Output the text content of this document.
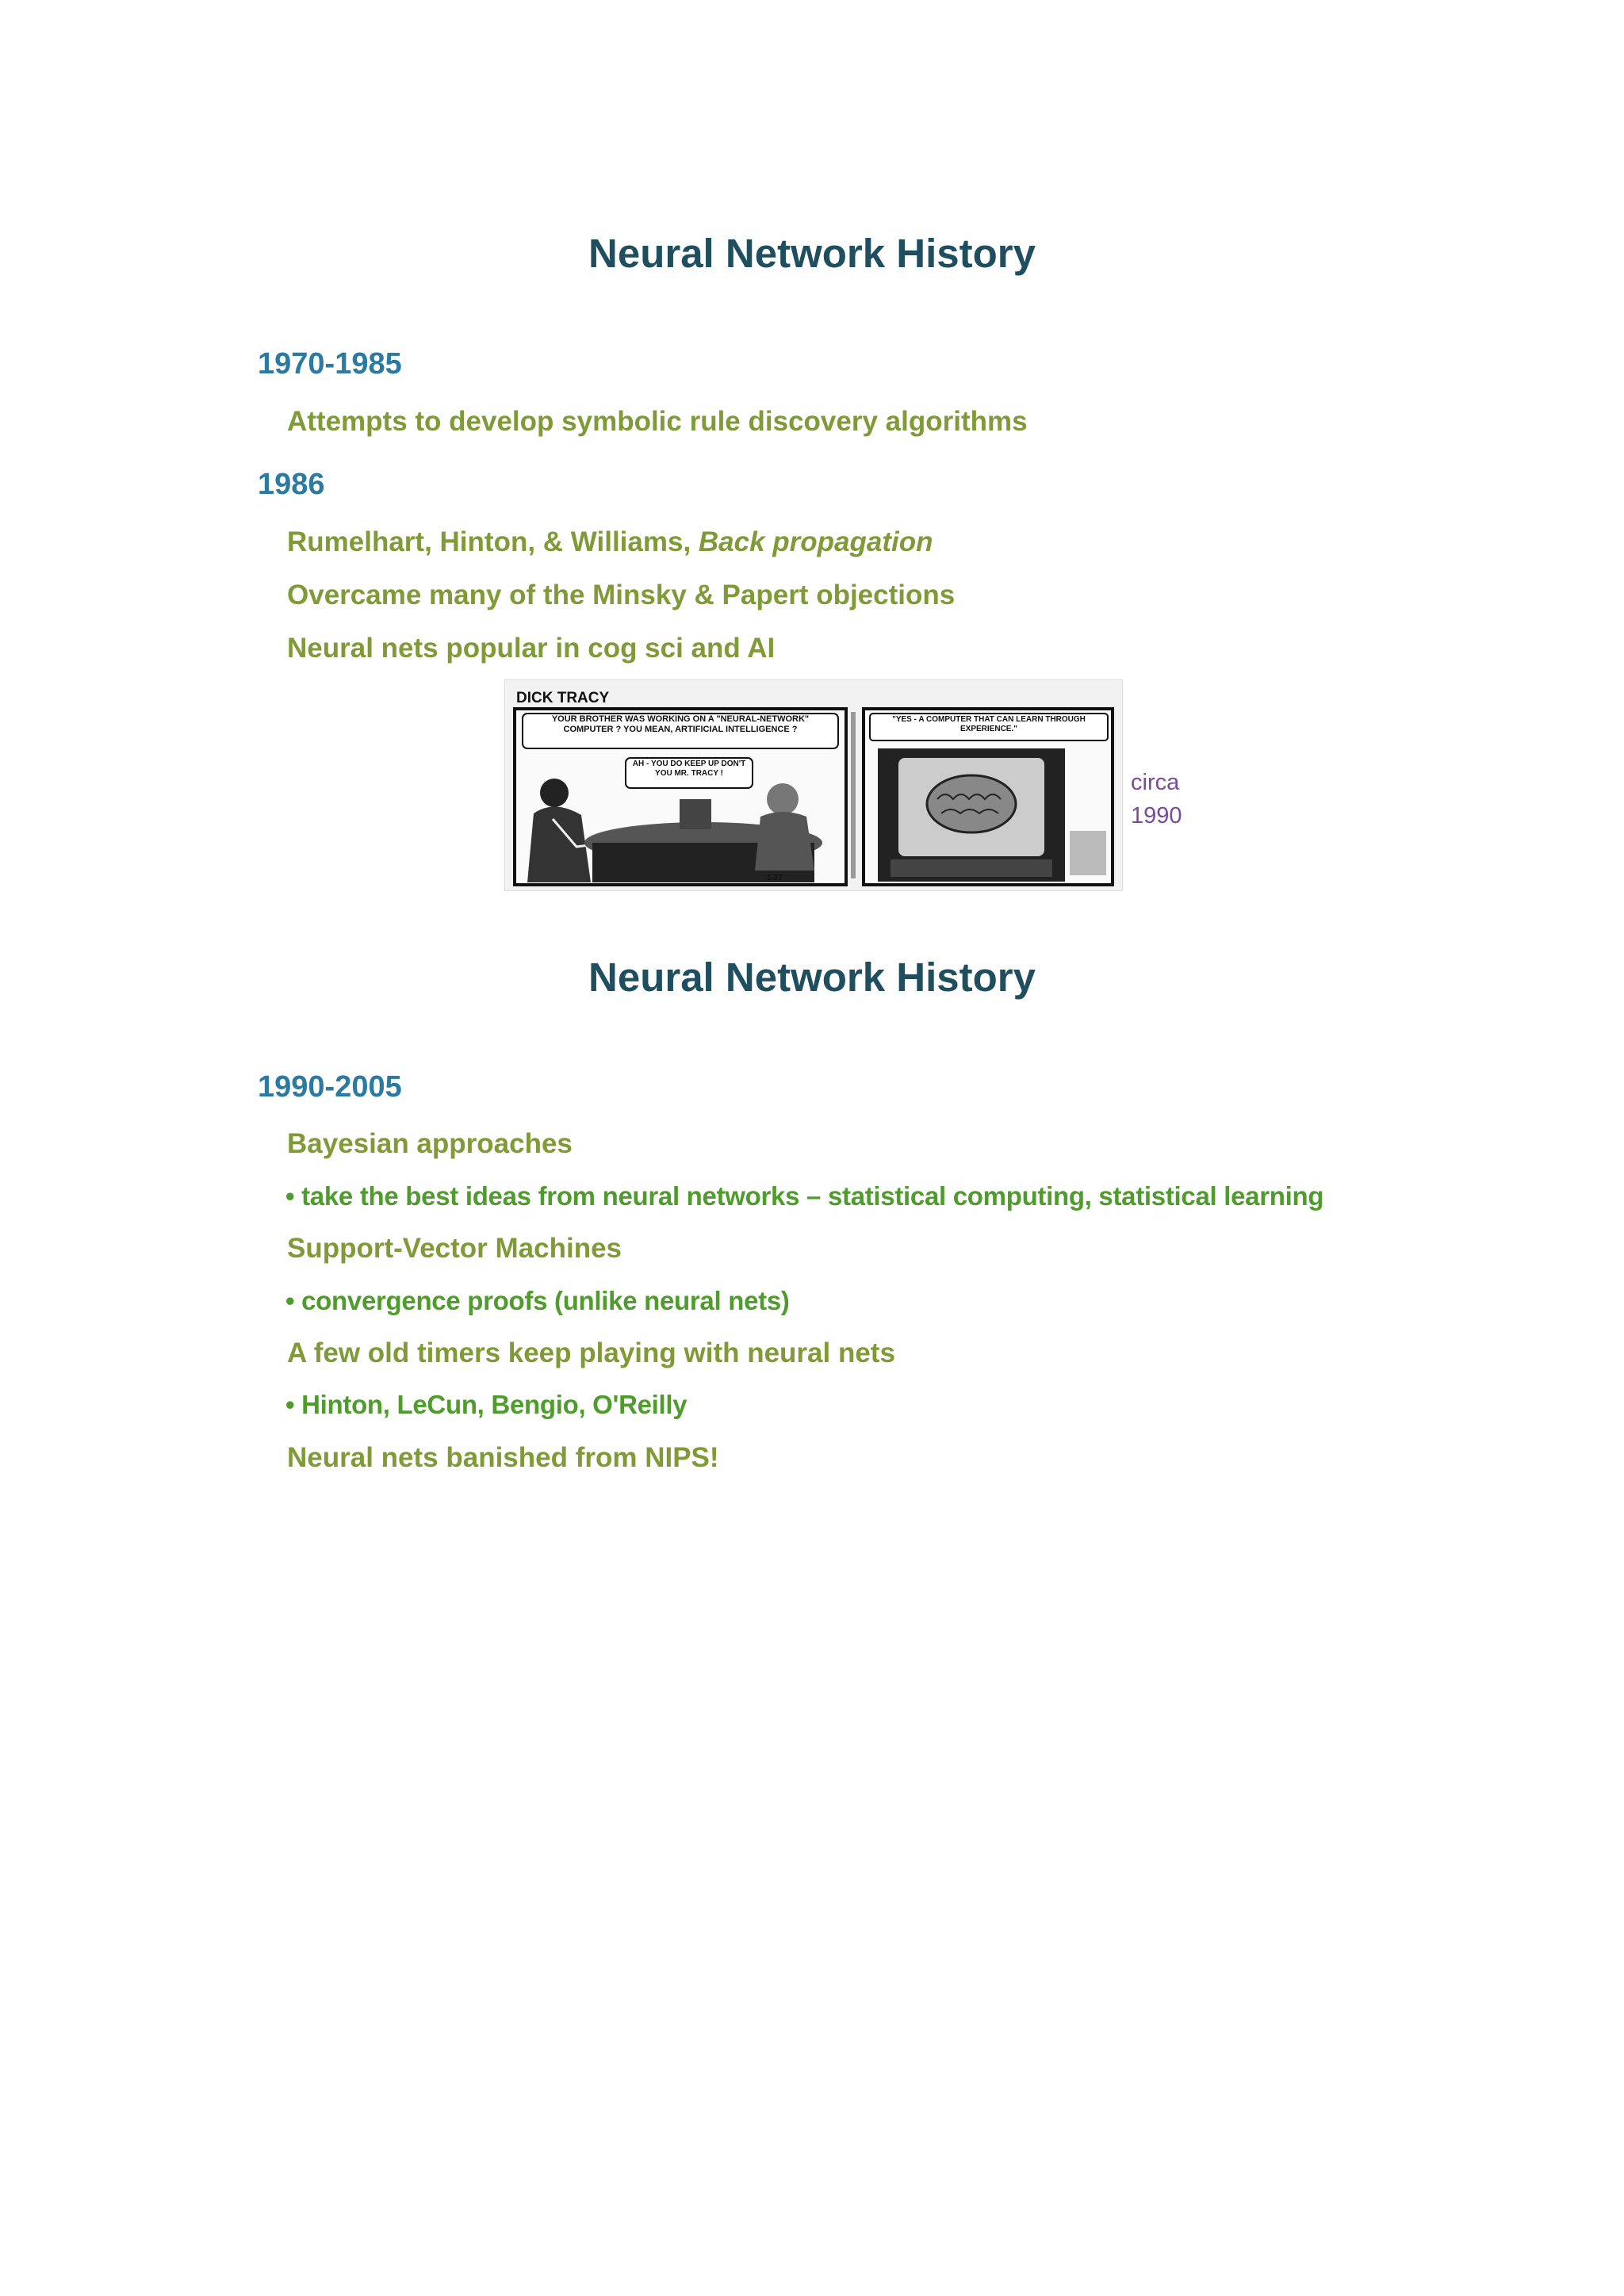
Neural Network History

1970-1985

Attempts to develop symbolic rule discovery algorithms

1986

Rumelhart, Hinton, & Williams, Back propagation

Overcame many of the Minsky & Papert objections

Neural nets popular in cog sci and AI

DICK TRACY
YOUR BROTHER WAS WORKING ON A "NEURAL-NETWORK" COMPUTER ? YOU MEAN, ARTIFICIAL INTELLIGENCE ?
AH - YOU DO KEEP UP DON'T YOU MR. TRACY !
1-27
"YES - A COMPUTER THAT CAN LEARN THROUGH EXPERIENCE."

circa
1990

Neural Network History

1990-2005

Bayesian approaches

• take the best ideas from neural networks – statistical computing, statistical learning

Support-Vector Machines

• convergence proofs (unlike neural nets)

A few old timers keep playing with neural nets

• Hinton, LeCun, Bengio, O'Reilly

Neural nets banished from NIPS!
